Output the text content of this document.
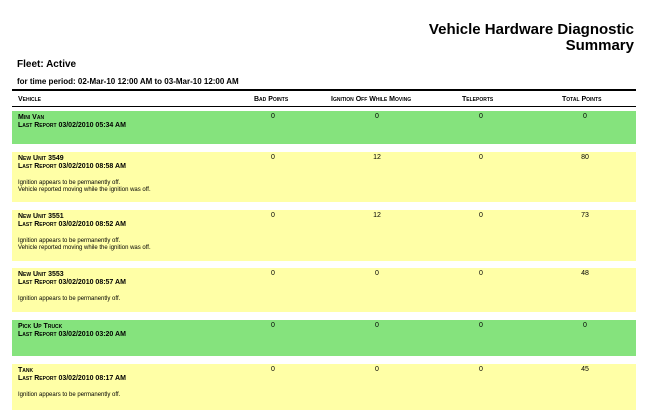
Vehicle Hardware Diagnostic
Summary
Fleet: Active
for time period: 02-Mar-10 12:00 AM to 03-Mar-10 12:00 AM
Vehicle	Bad Points	Ignition Off While Moving	Teleports	Total Points
Mini Van
Last Report 03/02/2010 05:34 AM
0	0	0	0
New Unit 3549
Last Report 03/02/2010 08:58 AM
0	12	0	80
Ignition appears to be permanently off.
Vehicle reported moving while the ignition was off.
New Unit 3551
Last Report 03/02/2010 08:52 AM
0	12	0	73
Ignition appears to be permanently off.
Vehicle reported moving while the ignition was off.
New Unit 3553
Last Report 03/02/2010 08:57 AM
0	0	0	48
Ignition appears to be permanently off.
Pick Up Truck
Last Report 03/02/2010 03:20 AM
0	0	0	0
Tank
Last Report 03/02/2010 08:17 AM
0	0	0	45
Ignition appears to be permanently off.
